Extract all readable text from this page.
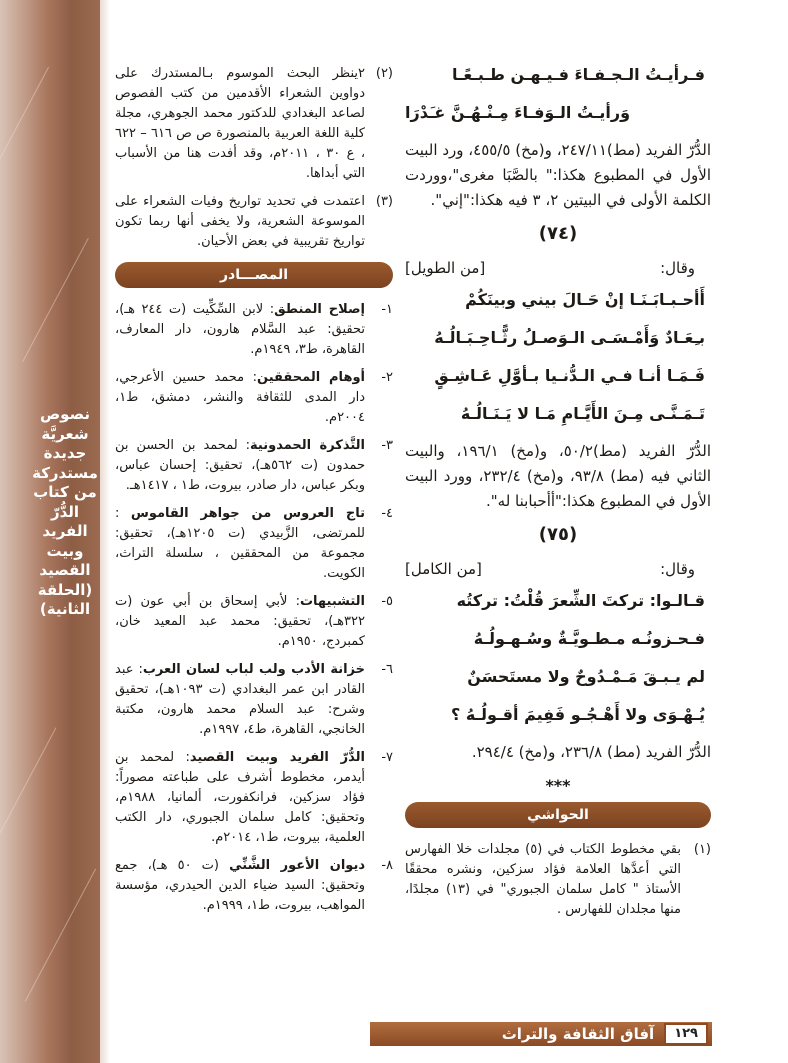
نصوص
شعريَّة
جديدة
مستدركة
من كتاب
الدُّرّ الفريد
وبيت
القصيد
(الحلقة
الثانية)
(٢)
٢ينظر البحث الموسوم بـالمستدرك على دواوين الشعراء الأقدمين من كتب الفصوص لصاعد البغدادي للدكتور محمد الجوهري، مجلة كلية اللغة العربية بالمنصورة ص ص ٦١٦ – ٦٢٢ ، ع ٣٠ ، ٢٠١١م، وقد أفدت هنا من الأسباب التي أبداها.
(٣)
اعتمدت في تحديد تواريخ وفيات الشعراء على الموسوعة الشعرية، ولا يخفى أنها ربما تكون تواريخ تقريبية في بعض الأحيان.
المصـــادر
١-
إصلاح المنطق: لابن السِّكِّيت (ت ٢٤٤ هـ)، تحقيق: عبد السَّلام هارون، دار المعارف، القاهرة، ط٣، ١٩٤٩م.
٢-
أوهام المحققين: محمد حسين الأعرجي، دار المدى للثقافة والنشر، دمشق، ط١، ٢٠٠٤م.
٣-
التَّذكرة الحمدونية: لمحمد بن الحسن بن حمدون (ت ٥٦٢هـ)، تحقيق: إحسان عباس، وبكر عباس، دار صادر، بيروت، ط١ ، ١٤١٧هـ.
٤-
تاج العروس من جواهر القاموس : للمرتضى، الزَّبيدي (ت ١٢٠٥هـ)، تحقيق: مجموعة من المحققين ، سلسلة التراث، الكويت.
٥-
التشبيهات: لأبي إسحاق بن أبي عون (ت ٣٢٢هـ)، تحقيق: محمد عبد المعيد خان، كمبردج، ١٩٥٠م.
٦-
خزانة الأدب ولب لباب لسان العرب: عبد القادر ابن عمر البغدادي (ت ١٠٩٣هـ)، تحقيق وشرح: عبد السلام محمد هارون، مكتبة الخانجي، القاهرة، ط٤، ١٩٩٧م.
٧-
الدُّرّ الفريد وبيت القصيد: لمحمد بن أيدمر، مخطوط أشرف على طباعته مصوراً: فؤاد سزكين، فرانكفورت، ألمانيا، ١٩٨٨م، وتحقيق: كامل سلمان الجبوري، دار الكتب العلمية، بيروت، ط١، ٢٠١٤م.
٨-
ديوان الأعور الشَّنِّي (ت ٥٠ هـ)، جمع وتحقيق: السيد ضياء الدين الحيدري، مؤسسة المواهب، بيروت، ط١، ١٩٩٩م.
فـرأيـتُ الـجـفـاءَ فـيـهـن طـبـعًـا
وَرأيـتُ الـوَفـاءَ مِـنْـهُـنَّ غـَدْرَا

الدُّرّ الفريد (مط)٢٤٧/١١، و(مخ) ٤٥٥/٥، ورد البيت الأول في المطبوع هكذا:" بالصَّبَا مغرى"،ووردت الكلمة الأولى في البيتين ٢، ٣ فيه هكذا:"إني".

(٧٤)
وقال:
[من الطويل]
أَأحـبـابَـنَـا إنْ حَـالَ بيني وبينَكُمْ
بـِعَـادٌ وَأَمْـسَـى الـوَصـلُ رثًّـاحِـبَـالُـهُ
فَـمَـا أنـا فـي الـدُّنـيا بـأوَّلِ عَـاشِـقٍ
تَـمَـنَّـى مِـنَ الأَيَّـامِ مَـا لا يَـنَـالُـهُ

الدُّرّ الفريد (مط)٥٠/٢، و(مخ) ١٩٦/١، والبيت الثاني فيه (مط) ٩٣/٨، و(مخ) ٢٣٢/٤، وورد البيت الأول في المطبوع هكذا:"أأحبابنا له".

(٧٥)
وقال:
[من الكامل]
قـالـوا: تركتَ الشِّعرَ قُلْتُ: تركتُه
فـحـزونُـه مـطـويَّـةٌ وسُـهـولُـهُ
لم يـبـقَ مَـمْـدُوحٌ ولا مستَحسَنٌ
يُـهْـوَى ولا أَهْـجُـو فَفِيمَ أقـولُـهُ ؟

الدُّرّ الفريد (مط) ٢٣٦/٨، و(مخ) ٢٩٤/٤.

***
الحواشي
(١)
بقي مخطوط الكتاب في (٥) مجلدات خلا الفهارس التي أعدَّها العلامة فؤاد سزكين، ونشره محققًا الأستاذ " كامل سلمان الجبوري" في (١٣) مجلدًا، منها مجلدان للفهارس .
١٢٩
آفاق الثقافة والتراث
